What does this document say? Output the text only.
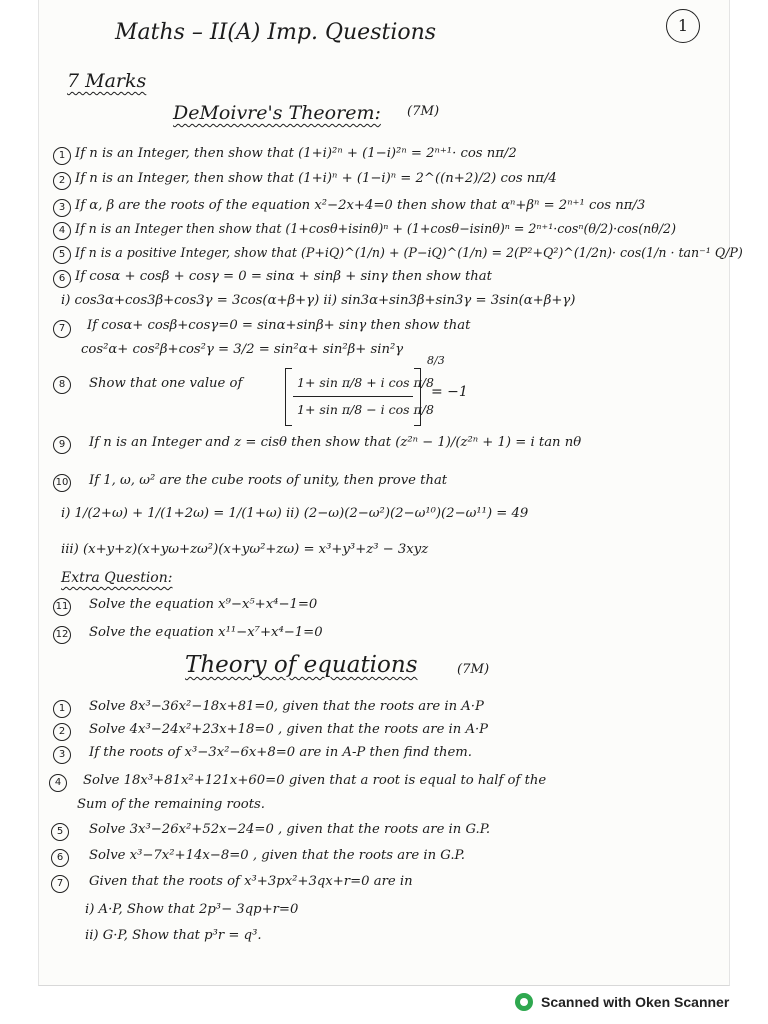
Maths – II(A) Imp. Questions	1
7 Marks
DeMoivre's Theorem: (7M)
1 If n is an Integer, then show that (1+i)²ⁿ + (1−i)²ⁿ = 2ⁿ⁺¹· cos nπ/2
2 If n is an Integer, then show that (1+i)ⁿ + (1−i)ⁿ = 2^((n+2)/2) cos nπ/4
3 If α, β are the roots of the equation x²−2x+4=0 then show that αⁿ+βⁿ = 2ⁿ⁺¹ cos nπ/3
4 If n is an Integer then show that (1+cosθ+isinθ)ⁿ + (1+cosθ−isinθ)ⁿ = 2ⁿ⁺¹·cosⁿ(θ/2)·cos(nθ/2)
5 If n is a positive Integer, show that (P+iQ)^(1/n) + (P−iQ)^(1/n) = 2(P²+Q²)^(1/2n)· cos(1/n · tan⁻¹ Q/P)
6 If cosα + cosβ + cosγ = 0 = sinα + sinβ + sinγ then show that
i) cos3α+cos3β+cos3γ = 3cos(α+β+γ) ii) sin3α+sin3β+sin3γ = 3sin(α+β+γ)
7	If cosα+ cosβ+cosγ=0 = sinα+sinβ+ sinγ then show that
cos²α+ cos²β+cos²γ = 3/2 = sin²α+ sin²β+ sin²γ
8	Show that one value of	1+ sin π/8 + i cos π/8
1+ sin π/8 − i cos π/8
8/3
= −1
9	If n is an Integer and z = cisθ then show that (z²ⁿ − 1)/(z²ⁿ + 1) = i tan nθ
10 If 1, ω, ω² are the cube roots of unity, then prove that
i) 1/(2+ω) + 1/(1+2ω) = 1/(1+ω) ii) (2−ω)(2−ω²)(2−ω¹⁰)(2−ω¹¹) = 49
iii) (x+y+z)(x+yω+zω²)(x+yω²+zω) = x³+y³+z³ − 3xyz
Extra Question:
11 Solve the equation x⁹−x⁵+x⁴−1=0
12 Solve the equation x¹¹−x⁷+x⁴−1=0
Theory of equations	(7M)
1	Solve 8x³−36x²−18x+81=0, given that the roots are in A·P
2	Solve 4x³−24x²+23x+18=0 , given that the roots are in A·P
3	If the roots of x³−3x²−6x+8=0 are in A-P then find them.
4	Solve 18x³+81x²+121x+60=0 given that a root is equal to half of the
Sum of the remaining roots.
5	Solve 3x³−26x²+52x−24=0 , given that the roots are in G.P.
6	Solve x³−7x²+14x−8=0 , given that the roots are in G.P.
7	Given that the roots of x³+3px²+3qx+r=0 are in
i) A·P, Show that 2p³− 3qp+r=0
ii) G·P, Show that p³r = q³.
Scanned with Oken Scanner
